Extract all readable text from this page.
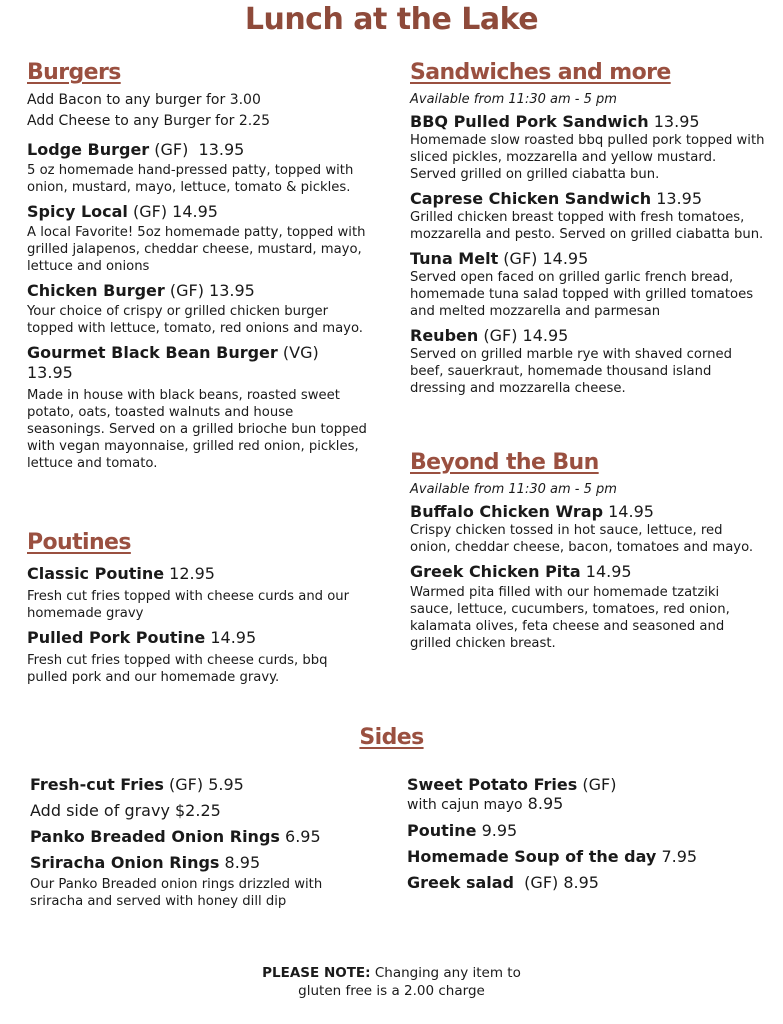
Lunch at the Lake
Burgers
Add Bacon to any burger for 3.00
Add Cheese to any Burger for 2.25
Lodge Burger (GF)  13.95
5 oz homemade hand-pressed patty, topped with onion, mustard, mayo, lettuce, tomato & pickles.
Spicy Local (GF) 14.95
A local Favorite! 5oz homemade patty, topped with grilled jalapenos, cheddar cheese, mustard, mayo, lettuce and onions
Chicken Burger (GF) 13.95
Your choice of crispy or grilled chicken burger topped with lettuce, tomato, red onions and mayo.
Gourmet Black Bean Burger (VG)
13.95
Made in house with black beans, roasted sweet potato, oats, toasted walnuts and house seasonings. Served on a grilled brioche bun topped with vegan mayonnaise, grilled red onion, pickles, lettuce and tomato.
Poutines
Classic Poutine 12.95
Fresh cut fries topped with cheese curds and our homemade gravy
Pulled Pork Poutine 14.95
Fresh cut fries topped with cheese curds, bbq pulled pork and our homemade gravy.
Sandwiches and more
Available from 11:30 am - 5 pm
BBQ Pulled Pork Sandwich 13.95
Homemade slow roasted bbq pulled pork topped with sliced pickles, mozzarella and yellow mustard. Served grilled on grilled ciabatta bun.
Caprese Chicken Sandwich 13.95
Grilled chicken breast topped with fresh tomatoes, mozzarella and pesto. Served on grilled ciabatta bun.
Tuna Melt (GF) 14.95
Served open faced on grilled garlic french bread, homemade tuna salad topped with grilled tomatoes and melted mozzarella and parmesan
Reuben (GF) 14.95
Served on grilled marble rye with shaved corned beef, sauerkraut, homemade thousand island dressing and mozzarella cheese.
Beyond the Bun
Available from 11:30 am - 5 pm
Buffalo Chicken Wrap 14.95
Crispy chicken tossed in hot sauce, lettuce, red onion, cheddar cheese, bacon, tomatoes and mayo.
Greek Chicken Pita 14.95
Warmed pita filled with our homemade tzatziki sauce, lettuce, cucumbers, tomatoes, red onion, kalamata olives, feta cheese and seasoned and grilled chicken breast.
Sides
Fresh-cut Fries (GF) 5.95
Add side of gravy $2.25
Panko Breaded Onion Rings 6.95
Sriracha Onion Rings 8.95
Our Panko Breaded onion rings drizzled with sriracha and served with honey dill dip
Sweet Potato Fries (GF)
with cajun mayo 8.95
Poutine 9.95
Homemade Soup of the day 7.95
Greek salad  (GF) 8.95
PLEASE NOTE: Changing any item to
gluten free is a 2.00 charge
